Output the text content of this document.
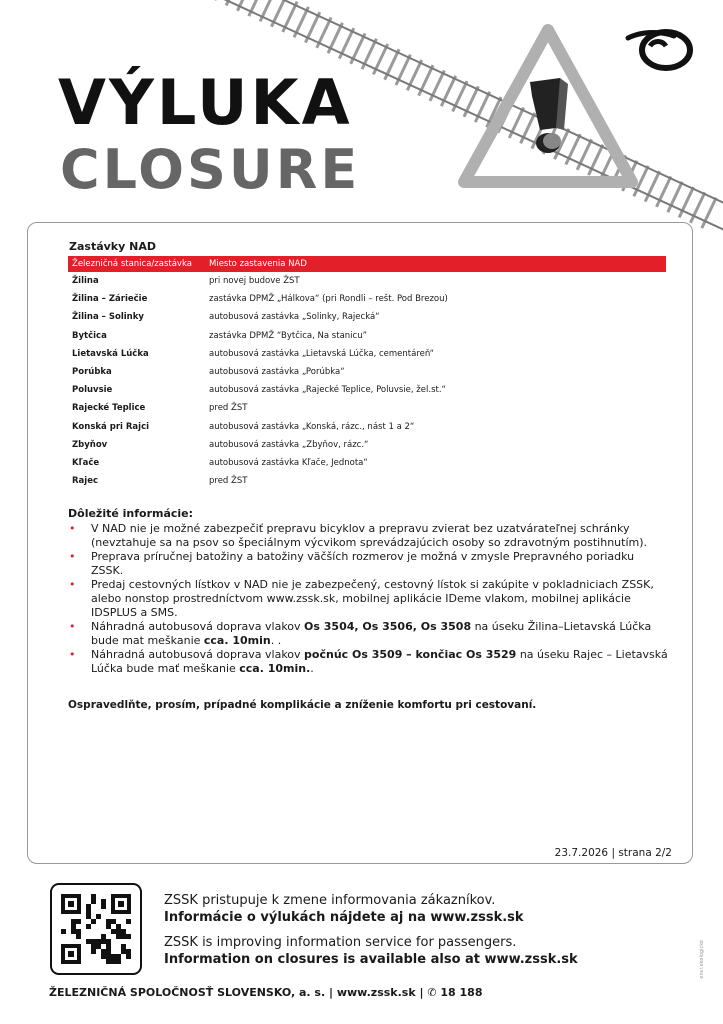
VÝLUKA
CLOSURE
Zastávky NAD
Železničná stanica/zastávka	Miesto zastavenia NAD
Žilina	pri novej budove ŽST
Žilina – Záriečie	zastávka DPMŽ „Hálkova“ (pri Rondli – rešt. Pod Brezou)
Žilina – Solinky	autobusová zastávka „Solinky, Rajecká“
Bytčica	zastávka DPMŽ “Bytčica, Na stanicu”
Lietavská Lúčka	autobusová zastávka „Lietavská Lúčka, cementáreň“
Porúbka	autobusová zastávka „Porúbka“
Poluvsie	autobusová zastávka „Rajecké Teplice, Poluvsie, žel.st.“
Rajecké Teplice	pred ŽST
Konská pri Rajci	autobusová zastávka „Konská, rázc., nást 1 a 2“
Zbyňov	autobusová zastávka „Zbyňov, rázc.“
Kľače	autobusová zastávka Kľače, Jednota“
Rajec	pred ŽST
Dôležité informácie:
• V NAD nie je možné zabezpečiť prepravu bicyklov a prepravu zvierat bez uzatvárateľnej schránky (nevztahuje sa na psov so špeciálnym výcvikom sprevádzajúcich osoby so zdravotným postihnutím).
• Preprava príručnej batožiny a batožiny väčších rozmerov je možná v zmysle Prepravného poriadku ZSSK.
• Predaj cestovných lístkov v NAD nie je zabezpečený, cestovný lístok si zakúpite v pokladniciach ZSSK, alebo nonstop prostredníctvom www.zssk.sk, mobilnej aplikácie IDeme vlakom, mobilnej aplikácie IDSPLUS a SMS.
• Náhradná autobusová doprava vlakov Os 3504, Os 3506, Os 3508 na úseku Žilina–Lietavská Lúčka bude mat meškanie cca. 10min. .
• Náhradná autobusová doprava vlakov počnúc Os 3509 – končiac Os 3529 na úseku Rajec – Lietavská Lúčka bude mať meškanie cca. 10min..
Ospravedlňte, prosím, prípadné komplikácie a zníženie komfortu pri cestovaní.
23.7.2026 | strana 2/2
ZSSK pristupuje k zmene informovania zákazníkov.
Informácie o výlukách nájdete aj na www.zssk.sk
ZSSK is improving information service for passengers.
Information on closures is available also at www.zssk.sk
ŽELEZNIČNÁ SPOLOČNOSŤ SLOVENSKO, a. s. | www.zssk.sk | ✆ 18 188
envi.ekologické
